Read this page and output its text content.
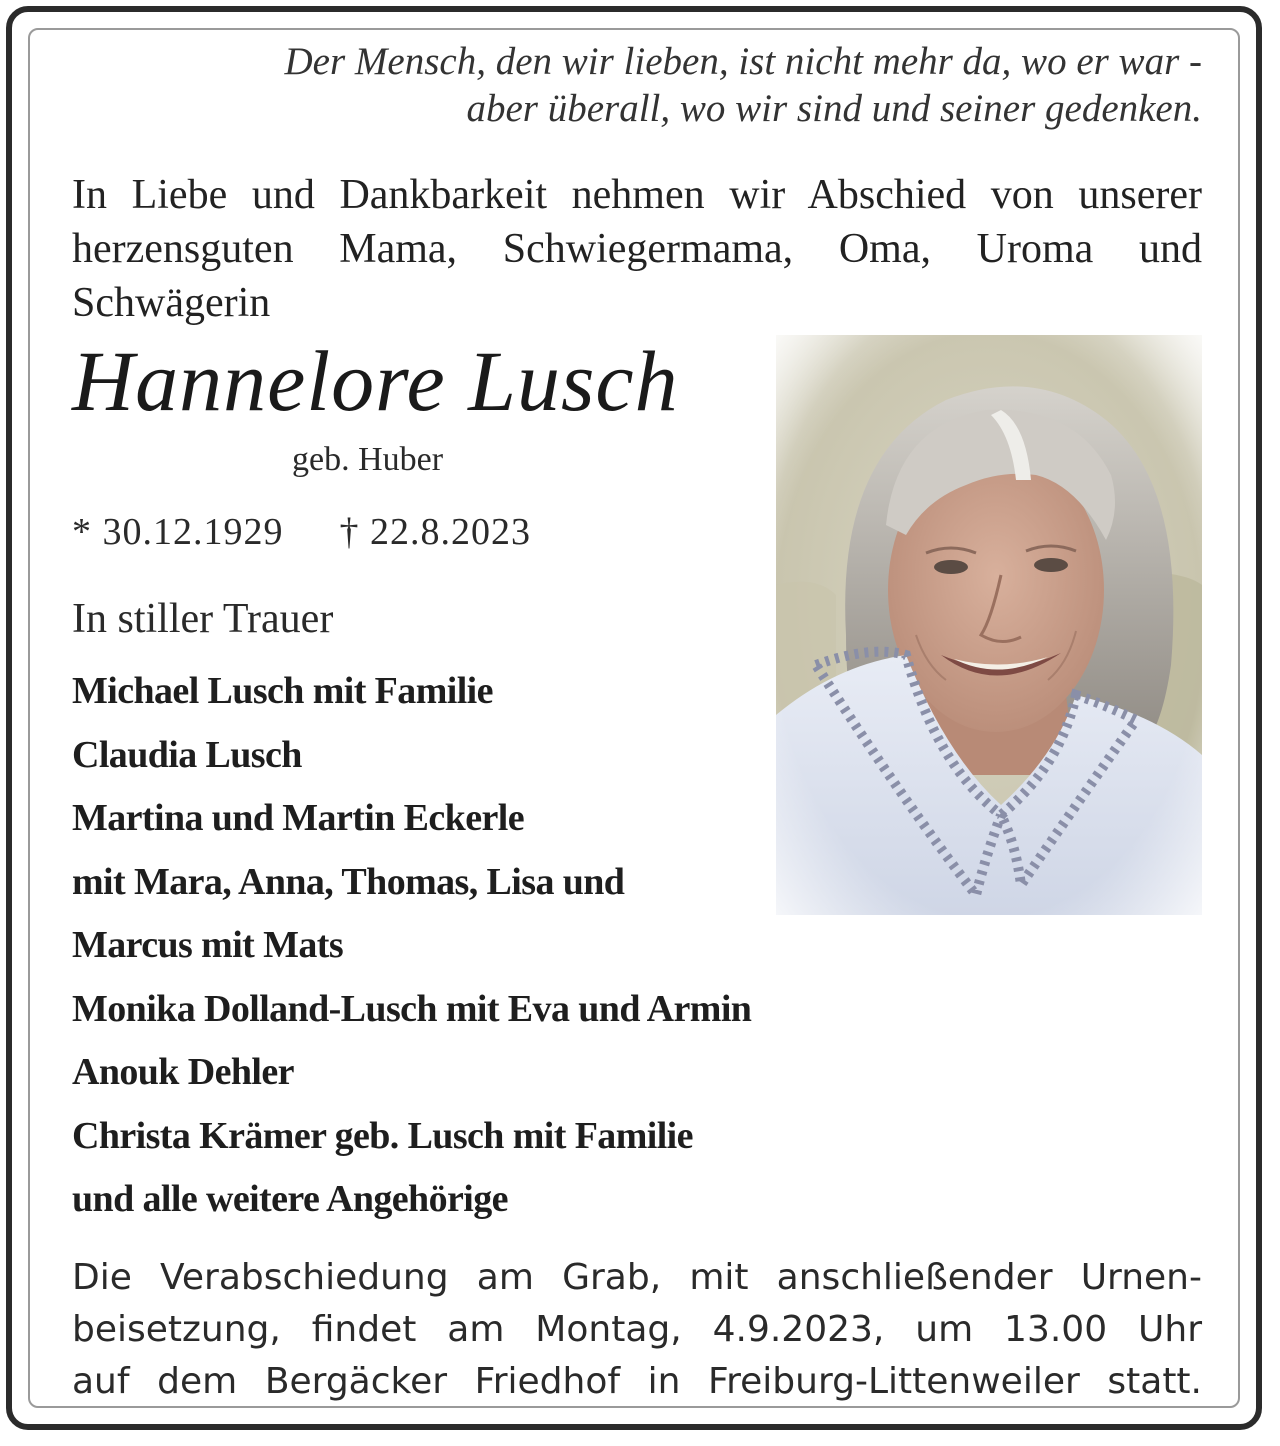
Der Mensch, den wir lieben, ist nicht mehr da, wo er war -
aber überall, wo wir sind und seiner gedenken.
In Liebe und Dankbarkeit nehmen wir Abschied von unserer
herzensguten Mama, Schwiegermama, Oma, Uroma und Schwägerin
Hannelore Lusch
geb. Huber
* 30.12.1929 † 22.8.2023
In stiller Trauer
Michael Lusch mit Familie
Claudia Lusch
Martina und Martin Eckerle
mit Mara, Anna, Thomas, Lisa und
Marcus mit Mats
Monika Dolland-Lusch mit Eva und Armin
Anouk Dehler
Christa Krämer geb. Lusch mit Familie
und alle weitere Angehörige
Die Verabschiedung am Grab, mit anschließender Urnen-
beisetzung, findet am Montag, 4.9.2023, um 13.00 Uhr
auf dem Bergäcker Friedhof in Freiburg-Littenweiler statt.
